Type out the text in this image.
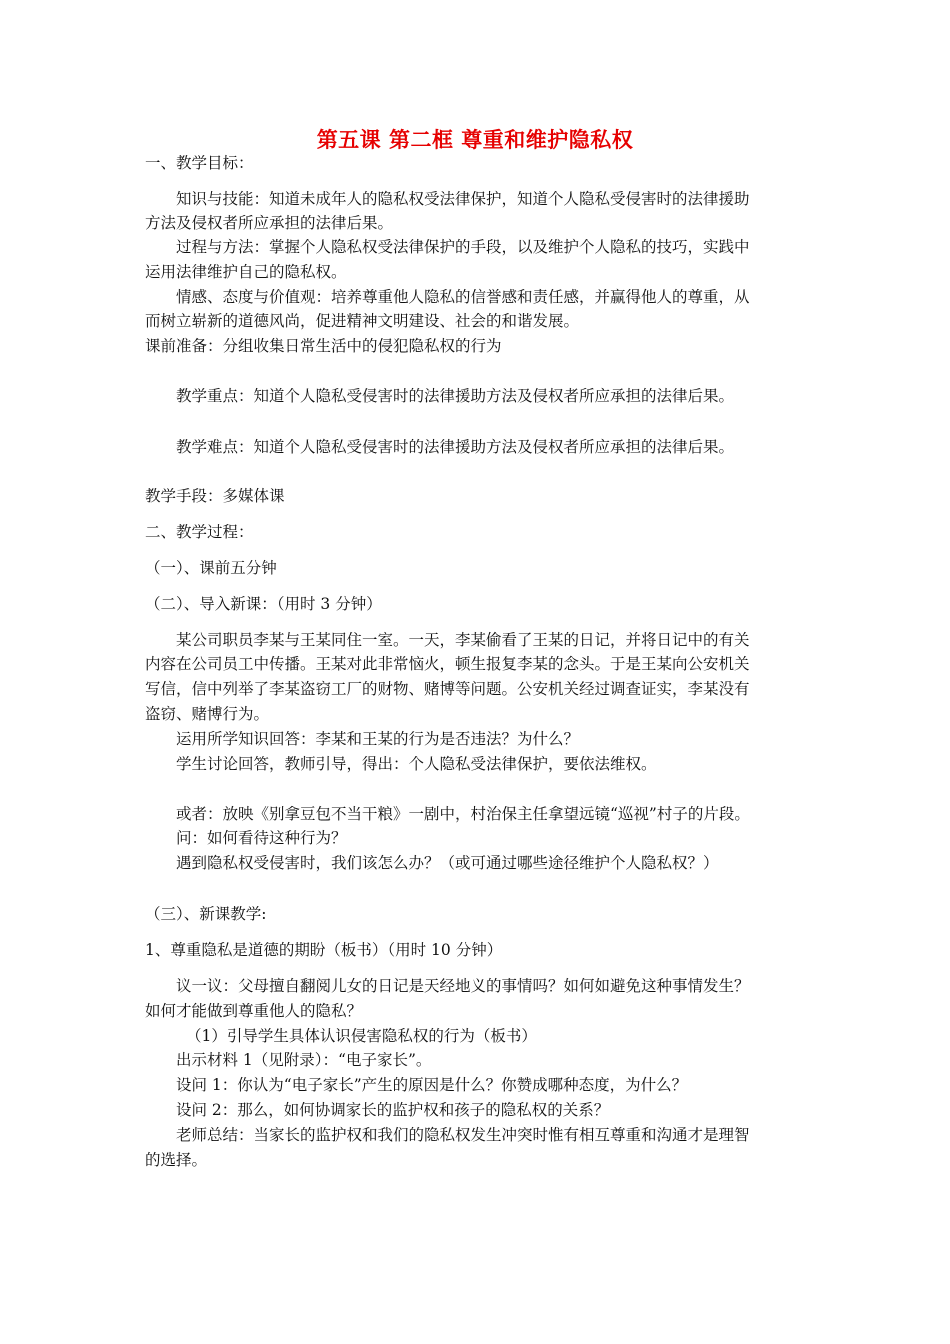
第五课 第二框 尊重和维护隐私权
一、教学目标：
知识与技能：知道未成年人的隐私权受法律保护，知道个人隐私受侵害时的法律援助
方法及侵权者所应承担的法律后果。
过程与方法：掌握个人隐私权受法律保护的手段，以及维护个人隐私的技巧，实践中
运用法律维护自己的隐私权。
情感、态度与价值观：培养尊重他人隐私的信誉感和责任感，并赢得他人的尊重，从
而树立崭新的道德风尚，促进精神文明建设、社会的和谐发展。
课前准备：分组收集日常生活中的侵犯隐私权的行为
教学重点：知道个人隐私受侵害时的法律援助方法及侵权者所应承担的法律后果。
教学难点：知道个人隐私受侵害时的法律援助方法及侵权者所应承担的法律后果。
教学手段：多媒体课
二、教学过程：
（一）、课前五分钟
（二）、导入新课：（用时 3 分钟）
某公司职员李某与王某同住一室。一天，李某偷看了王某的日记，并将日记中的有关
内容在公司员工中传播。王某对此非常恼火，顿生报复李某的念头。于是王某向公安机关
写信，信中列举了李某盗窃工厂的财物、赌博等问题。公安机关经过调查证实，李某没有
盗窃、赌博行为。
运用所学知识回答：李某和王某的行为是否违法？为什么？
学生讨论回答，教师引导，得出：个人隐私受法律保护，要依法维权。
或者：放映《别拿豆包不当干粮》一剧中，村治保主任拿望远镜“巡视”村子的片段。
问：如何看待这种行为？
遇到隐私权受侵害时，我们该怎么办？（或可通过哪些途径维护个人隐私权？）
（三）、新课教学:
1、尊重隐私是道德的期盼（板书）（用时 10 分钟）
议一议：父母擅自翻阅儿女的日记是天经地义的事情吗？如何如避免这种事情发生？
如何才能做到尊重他人的隐私？
（1）引导学生具体认识侵害隐私权的行为（板书）
出示材料 1（见附录）：“电子家长”。
设问 1：你认为“电子家长”产生的原因是什么？你赞成哪种态度，为什么？
设问 2：那么，如何协调家长的监护权和孩子的隐私权的关系？
老师总结：当家长的监护权和我们的隐私权发生冲突时惟有相互尊重和沟通才是理智
的选择。
